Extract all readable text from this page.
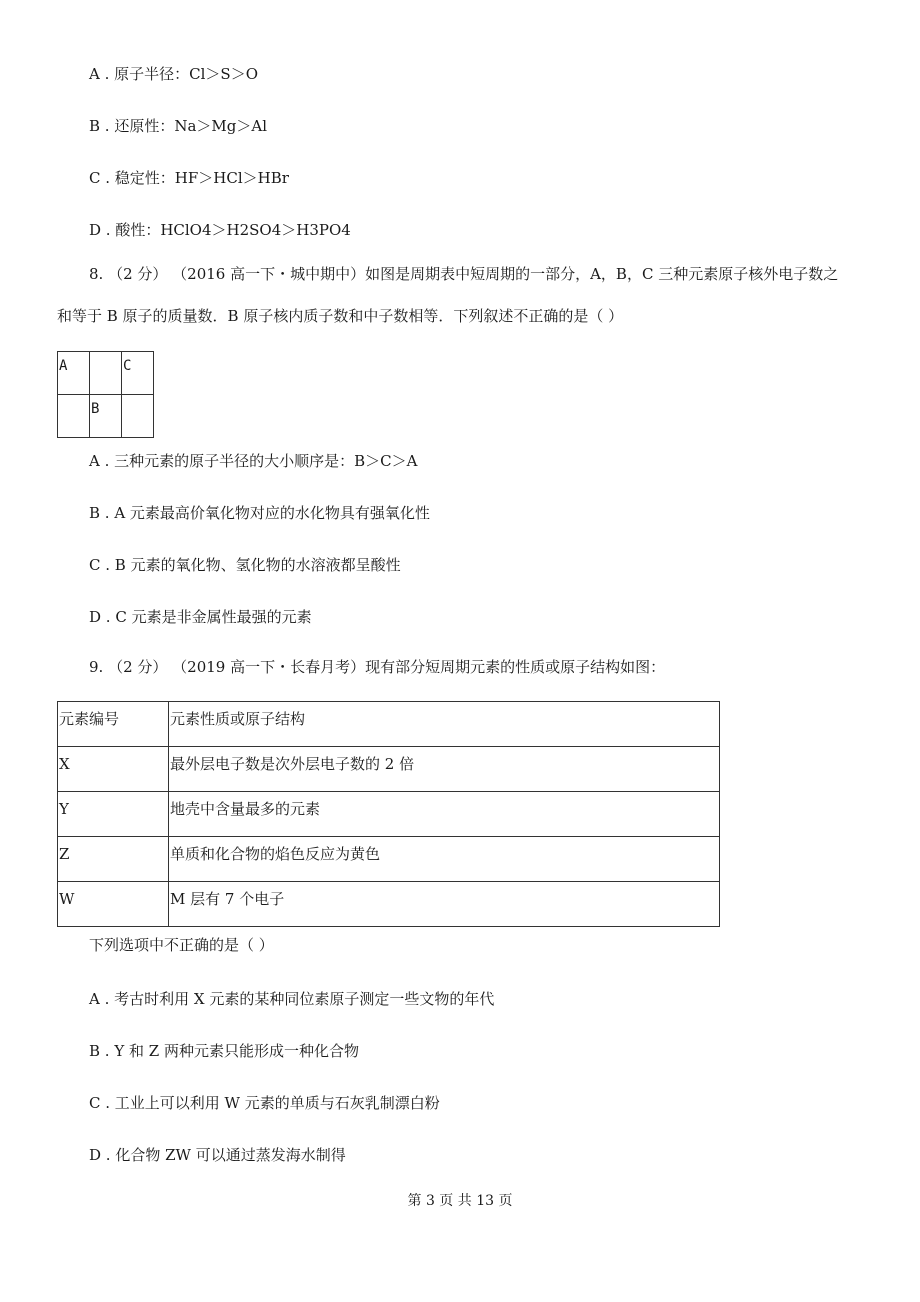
A . 原子半径：Cl＞S＞O
B . 还原性：Na＞Mg＞Al
C . 稳定性：HF＞HCl＞HBr
D . 酸性：HClO4＞H2SO4＞H3PO4
8. （2 分） （2016 高一下・城中期中）如图是周期表中短周期的一部分，A，B，C 三种元素原子核外电子数之
和等于 B 原子的质量数．B 原子核内质子数和中子数相等．下列叙述不正确的是（ ）
A		C

	B	

A . 三种元素的原子半径的大小顺序是：B＞C＞A
B . A 元素最高价氧化物对应的水化物具有强氧化性
C . B 元素的氧化物、氢化物的水溶液都呈酸性
D . C 元素是非金属性最强的元素
9. （2 分） （2019 高一下・长春月考）现有部分短周期元素的性质或原子结构如图：
元素编号	元素性质或原子结构

X	最外层电子数是次外层电子数的 2 倍

Y	地壳中含量最多的元素

Z	单质和化合物的焰色反应为黄色

W	M 层有 7 个电子
下列选项中不正确的是（ ）
A . 考古时利用 X 元素的某种同位素原子测定一些文物的年代
B . Y 和 Z 两种元素只能形成一种化合物
C . 工业上可以利用 W 元素的单质与石灰乳制漂白粉
D . 化合物 ZW 可以通过蒸发海水制得
第 3 页 共 13 页
